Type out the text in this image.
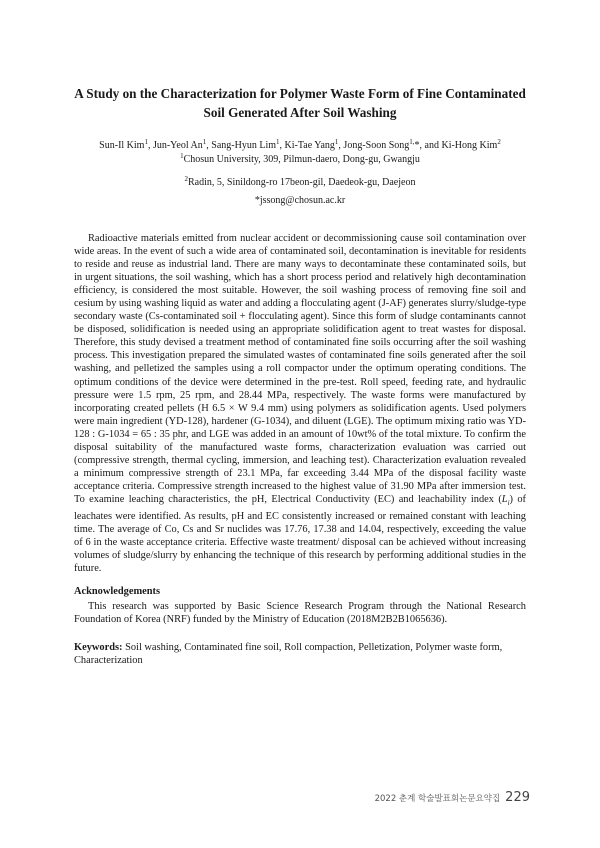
A Study on the Characterization for Polymer Waste Form of Fine Contaminated
Soil Generated After Soil Washing
Sun-Il Kim$^1$, Jun-Yeol An$^1$, Sang-Hyun Lim$^1$, Ki-Tae Yang$^1$, Jong-Soon Song$^{1,}$*, and Ki-Hong Kim$^2$
$^1$Chosun University, 309, Pilmun-daero, Dong-gu, Gwangju
$^2$Radin, 5, Sinildong-ro 17beon-gil, Daedeok-gu, Daejeon
*jssong@chosun.ac.kr

Radioactive materials emitted from nuclear accident or decommissioning cause soil contamination over wide areas. In the event of such a wide area of contaminated soil, decontamination is inevitable for residents to reside and reuse as industrial land. There are many ways to decontaminate these contaminated soils, but in urgent situations, the soil washing, which has a short process period and relatively high decontamination efficiency, is considered the most suitable. However, the soil washing process of removing fine soil and cesium by using washing liquid as water and adding a flocculating agent (J-AF) generates slurry/sludge-type secondary waste (Cs-contaminated soil + flocculating agent). Since this form of sludge contaminants cannot be disposed, solidification is needed using an appropriate solidification agent to treat wastes for disposal. Therefore, this study devised a treatment method of contaminated fine soils occurring after the soil washing process. This investigation prepared the simulated wastes of contaminated fine soils generated after the soil washing, and pelletized the samples using a roll compactor under the optimum operating conditions. The optimum conditions of the device were determined in the pre-test. Roll speed, feeding rate, and hydraulic pressure were 1.5 rpm, 25 rpm, and 28.44 MPa, respectively. The waste forms were manufactured by incorporating created pellets (H 6.5 × W 9.4 mm) using polymers as solidification agents. Used polymers were main ingredient (YD-128), hardener (G-1034), and diluent (LGE). The optimum mixing ratio was YD-128 : G-1034 = 65 : 35 phr, and LGE was added in an amount of 10wt% of the total mixture. To confirm the disposal suitability of the manufactured waste forms, characterization evaluation was carried out (compressive strength, thermal cycling, immersion, and leaching test). Characterization evaluation revealed a minimum compressive strength of 23.1 MPa, far exceeding 3.44 MPa of the disposal facility waste acceptance criteria. Compressive strength increased to the highest value of 31.90 MPa after immersion test. To examine leaching characteristics, the pH, Electrical Conductivity (EC) and leachability index $(L_i)$ of leachates were identified. As results, pH and EC consistently increased or remained constant with leaching time. The average of Co, Cs and Sr nuclides was 17.76, 17.38 and 14.04, respectively, exceeding the value of 6 in the waste acceptance criteria. Effective waste treatment/ disposal can be achieved without increasing volumes of sludge/slurry by enhancing the technique of this research by performing additional studies in the future.

Acknowledgements

This research was supported by Basic Science Research Program through the National Research Foundation of Korea (NRF) funded by the Ministry of Education (2018M2B2B1065636).

Keywords: Soil washing, Contaminated fine soil, Roll compaction, Pelletization, Polymer waste form, Characterization

2022 춘계 학술발표회논문요약집 229
